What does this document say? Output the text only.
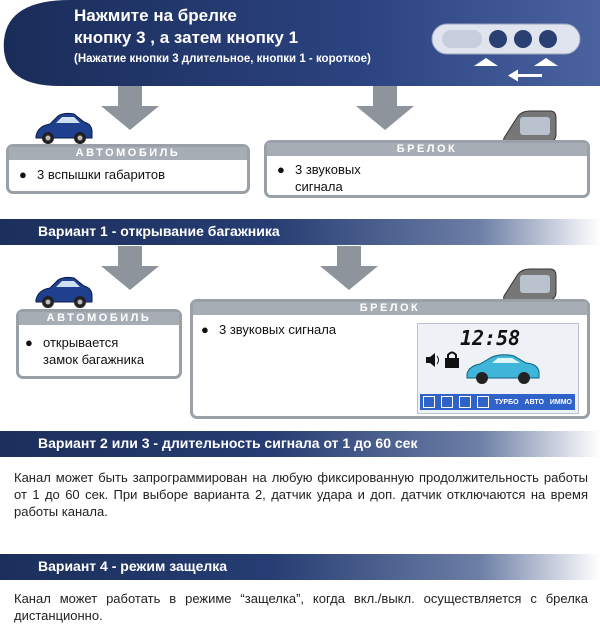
Нажмите на брелке
кнопку 3 , а затем кнопку 1
(Нажатие кнопки 3 длительное, кнопки 1 - короткое)
АВТОМОБИЛЬ
● 3 вспышки габаритов
БРЕЛОК
● 3 звуковых
сигнала
Вариант 1 - открывание багажника
АВТОМОБИЛЬ
● открывается
замок багажника
БРЕЛОК
● 3 звуковых сигнала	12:58
ТУРБО АВТО ИММО
Вариант 2 или 3 - длительность сигнала от 1 до 60 сек
Канал может быть запрограммирован на любую фиксированную продолжительность работы от 1 до 60 сек. При выборе варианта 2, датчик удара и доп. датчик отключаются на время работы канала.
Вариант 4 - режим защелка
Канал может работать в режиме “защелка”, когда вкл./выкл. осуществляется с брелка дистанционно.
